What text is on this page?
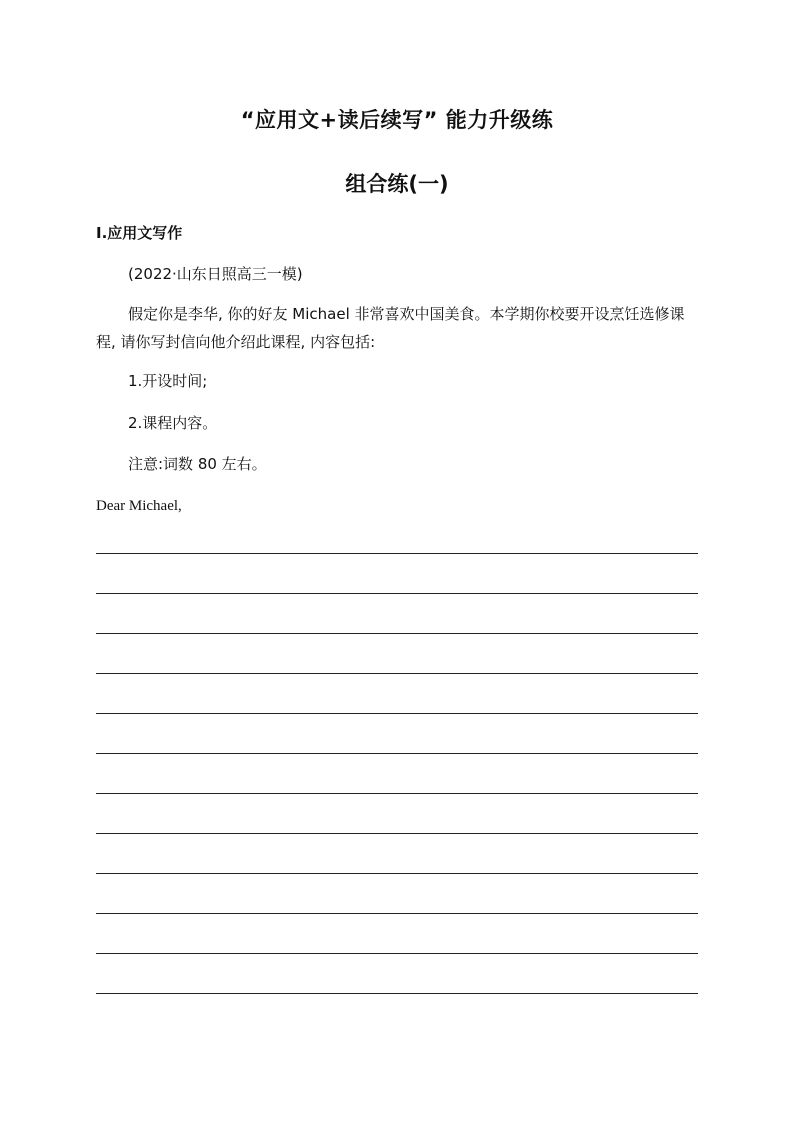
“应用文+读后续写” 能力升级练
组合练(一)
Ⅰ.应用文写作
(2022·山东日照高三一模)
假定你是李华, 你的好友 Michael 非常喜欢中国美食。本学期你校要开设烹饪选修课程, 请你写封信向他介绍此课程, 内容包括:
1.开设时间;
2.课程内容。
注意:词数 80 左右。
Dear Michael,
